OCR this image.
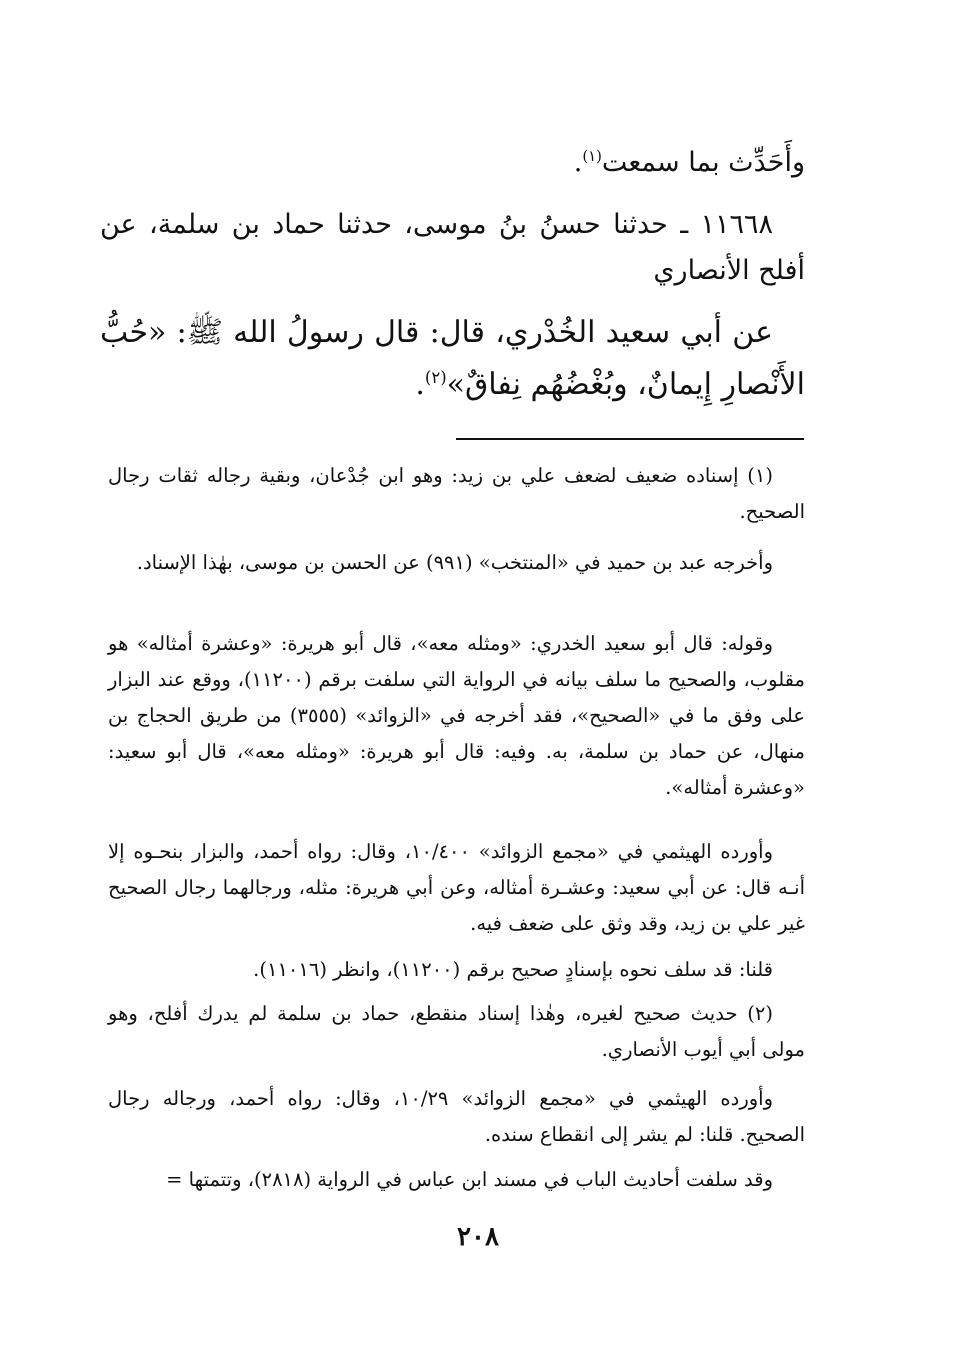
وأَحَدِّث بما سمعت$^{(١)}$.
١١٦٦٨ ـ حدثنا حسنُ بنُ موسى، حدثنا حماد بن سلمة، عن أفلح الأنصاري
عن أبي سعيد الخُدْري، قال: قال رسولُ الله ﷺ: «حُبُّ الأَنْصارِ إِيمانٌ، وبُغْضُهُم نِفاقٌ»$^{(٢)}$.
(١) إسناده ضعيف لضعف علي بن زيد: وهو ابن جُدْعان، وبقية رجاله ثقات رجال الصحيح.
وأخرجه عبد بن حميد في «المنتخب» (٩٩١) عن الحسن بن موسى، بهٰذا الإسناد.
وقوله: قال أبو سعيد الخدري: «ومثله معه»، قال أبو هريرة: «وعشرة أمثاله» هو مقلوب، والصحيح ما سلف بيانه في الرواية التي سلفت برقم (١١٢٠٠)، ووقع عند البزار على وفق ما في «الصحيح»، فقد أخرجه في «الزوائد» (٣٥٥٥) من طريق الحجاج بن منهال، عن حماد بن سلمة، به. وفيه: قال أبو هريرة: «ومثله معه»، قال أبو سعيد: «وعشرة أمثاله».
وأورده الهيثمي في «مجمع الزوائد» ١٠/٤٠٠، وقال: رواه أحمد، والبزار بنحـوه إلا أنـه قال: عن أبي سعيد: وعشـرة أمثاله، وعن أبي هريرة: مثله، ورجالهما رجال الصحيح غير علي بن زيد، وقد وثق على ضعف فيه.
قلنا: قد سلف نحوه بإسنادٍ صحيح برقم (١١٢٠٠)، وانظر (١١٠١٦).
(٢) حديث صحيح لغيره، وهٰذا إسناد منقطع، حماد بن سلمة لم يدرك أفلح، وهو مولى أبي أيوب الأنصاري.
وأورده الهيثمي في «مجمع الزوائد» ١٠/٢٩، وقال: رواه أحمد، ورجاله رجال الصحيح. قلنا: لم يشر إلى انقطاع سنده.
وقد سلفت أحاديث الباب في مسند ابن عباس في الرواية (٢٨١٨)، وتتمتها =
٢٠٨
